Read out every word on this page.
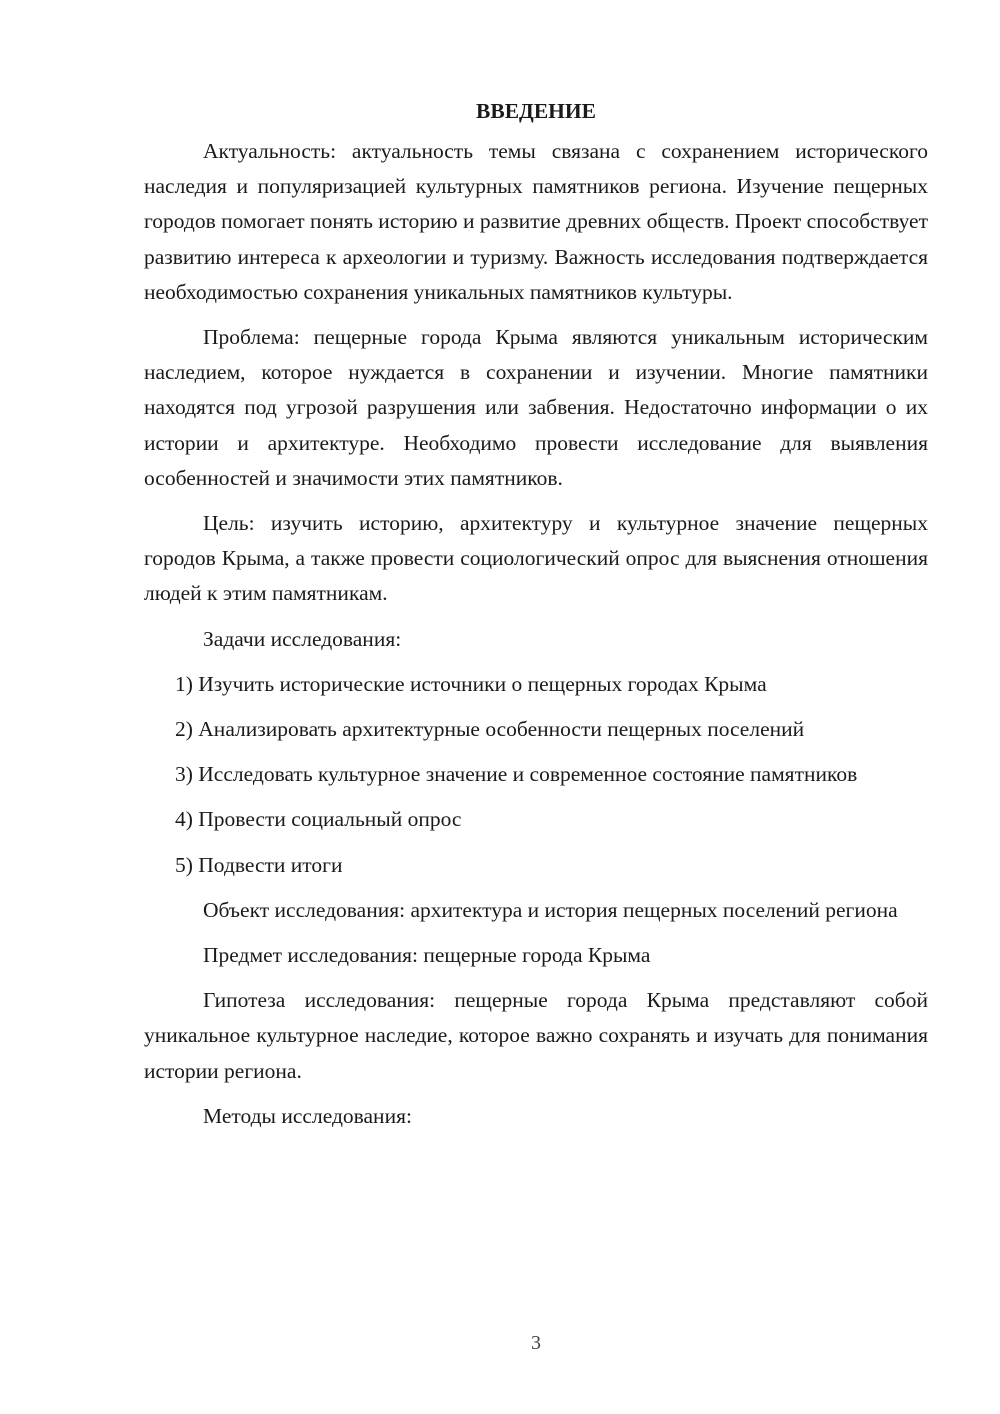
ВВЕДЕНИЕ

Актуальность: актуальность темы связана с сохранением исторического наследия и популяризацией культурных памятников региона. Изучение пещерных городов помогает понять историю и развитие древних обществ. Проект способствует развитию интереса к археологии и туризму. Важность исследования подтверждается необходимостью сохранения уникальных памятников культуры.

Проблема: пещерные города Крыма являются уникальным историческим наследием, которое нуждается в сохранении и изучении. Многие памятники находятся под угрозой разрушения или забвения. Недостаточно информации о их истории и архитектуре. Необходимо провести исследование для выявления особенностей и значимости этих памятников.

Цель: изучить историю, архитектуру и культурное значение пещерных городов Крыма, а также провести социологический опрос для выяснения отношения людей к этим памятникам.

Задачи исследования:

1) Изучить исторические источники о пещерных городах Крыма

2) Анализировать архитектурные особенности пещерных поселений

3) Исследовать культурное значение и современное состояние памятников

4) Провести социальный опрос

5) Подвести итоги

Объект исследования: архитектура и история пещерных поселений региона

Предмет исследования: пещерные города Крыма

Гипотеза исследования: пещерные города Крыма представляют собой уникальное культурное наследие, которое важно сохранять и изучать для понимания истории региона.

Методы исследования:

3
